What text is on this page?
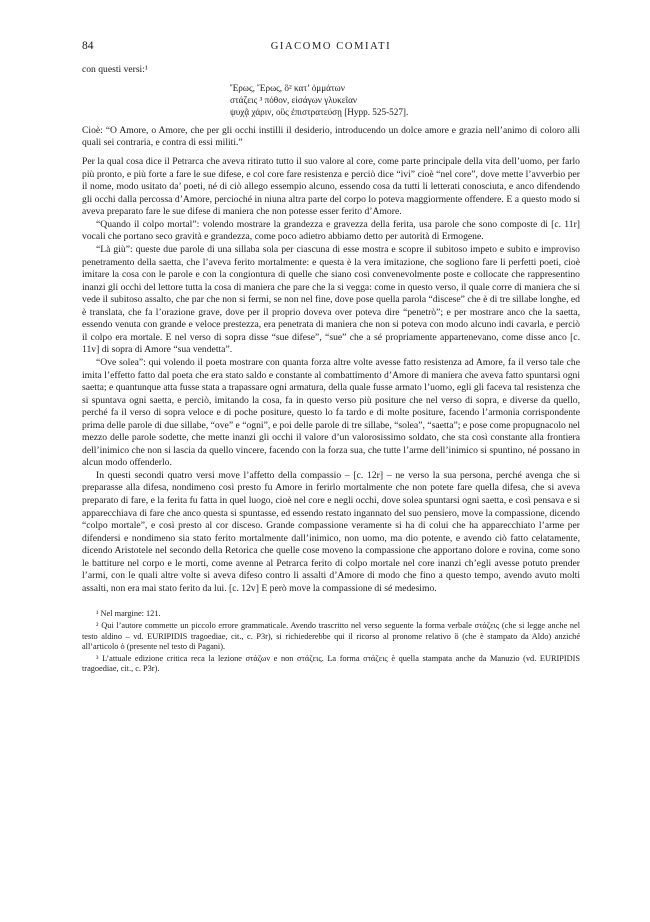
84	GIACOMO COMIATI
con questi versi:¹
Ἔρως, Ἔρως, ὃ² κατ’ ὀμμάτων
στάζεις ³ πόθον, εἰσάγων γλυκεῖαν
ψυχᾷ χάριν, οὓς ἐπιστρατεύσῃ [Hypp. 525-527].
Cioè: “O Amore, o Amore, che per gli occhi instilli il desiderio, introducendo un dolce amore e grazia nell’animo di coloro alli quali sei contraria, e contra di essi militi.”

Per la qual cosa dice il Petrarca che aveva ritirato tutto il suo valore al core, come parte principale della vita dell’uomo, per farlo più pronto, e più forte a fare le sue difese, e col core fare resistenza e perciò dice “ivi” cioè “nel core”, dove mette l’avverbio per il nome, modo usitato da’ poeti, né di ciò allego essempio alcuno, essendo cosa da tutti li letterati conosciuta, e anco difendendo gli occhi dalla percossa d’Amore, percioché in niuna altra parte del corpo lo poteva maggiormente offendere. E a questo modo si aveva preparato fare le sue difese di maniera che non potesse esser ferito d’Amore.

“Quando il colpo mortal”: volendo mostrare la grandezza e gravezza della ferita, usa parole che sono composte di [c. 11r] vocali che portano seco gravità e grandezza, come poco adietro abbiamo detto per autorità di Ermogene.

“Là giù”: queste due parole di una sillaba sola per ciascuna di esse mostra e scopre il subitoso impeto e subito e improviso penetramento della saetta, che l’aveva ferito mortalmente: e questa è la vera imitazione, che sogliono fare li perfetti poeti, cioè imitare la cosa con le parole e con la congiontura di quelle che siano così convenevolmente poste e collocate che rappresentino inanzi gli occhi del lettore tutta la cosa di maniera che pare che la si vegga: come in questo verso, il quale corre di maniera che si vede il subitoso assalto, che par che non si fermi, se non nel fine, dove pose quella parola “discese” che è di tre sillabe longhe, ed è translata, che fa l’orazione grave, dove per il proprio doveva over poteva dire “penetrò”; e per mostrare anco che la saetta, essendo venuta con grande e veloce prestezza, era penetrata di maniera che non si poteva con modo alcuno indi cavarla, e perciò il colpo era mortale. E nel verso di sopra disse “sue difese”, “sue” che a sé propriamente appartenevano, come disse anco [c. 11v] di sopra di Amore “sua vendetta”.

“Ove solea”: qui volendo il poeta mostrare con quanta forza altre volte avesse fatto resistenza ad Amore, fa il verso tale che imita l’effetto fatto dal poeta che era stato saldo e constante al combattimento d’Amore di maniera che aveva fatto spuntarsi ogni saetta; e quantunque atta fusse stata a trapassare ogni armatura, della quale fusse armato l’uomo, egli gli faceva tal resistenza che si spuntava ogni saetta, e perciò, imitando la cosa, fa in questo verso più positure che nel verso di sopra, e diverse da quello, perché fa il verso di sopra veloce e di poche positure, questo lo fa tardo e di molte positure, facendo l’armonia corrispondente prima delle parole di due sillabe, “ove” e “ogni”, e poi delle parole di tre sillabe, “solea”, “saetta”; e pose come propugnacolo nel mezzo delle parole sodette, che mette inanzi gli occhi il valore d’un valorosissimo soldato, che sta così constante alla frontiera dell’inimico che non si lascia da quello vincere, facendo con la forza sua, che tutte l’arme dell’inimico si spuntino, né possano in alcun modo offenderlo.

In questi secondi quatro versi move l’affetto della compassio – [c. 12r] – ne verso la sua persona, perché avenga che si preparasse alla difesa, nondimeno così presto fu Amore in ferirlo mortalmente che non potete fare quella difesa, che si aveva preparato di fare, e la ferita fu fatta in quel luogo, cioè nel core e negli occhi, dove solea spuntarsi ogni saetta, e così pensava e si apparecchiava di fare che anco questa si spuntasse, ed essendo restato ingannato del suo pensiero, move la compassione, dicendo “colpo mortale”, e così presto al cor disceso. Grande compassione veramente si ha di colui che ha apparecchiato l’arme per difendersi e nondimeno sia stato ferito mortalmente dall’inimico, non uomo, ma dio potente, e avendo ciò fatto celatamente, dicendo Aristotele nel secondo della Retorica che quelle cose moveno la compassione che apportano dolore e rovina, come sono le battiture nel corpo e le morti, come avenne al Petrarca ferito di colpo mortale nel core inanzi ch’egli avesse potuto prender l’armi, con le quali altre volte si aveva difeso contro li assalti d’Amore di modo che fino a questo tempo, avendo avuto molti assalti, non era mai stato ferito da lui. [c. 12v] E però move la compassione di sé medesimo.

¹ Nel margine: 121.

² Qui l’autore commette un piccolo errore grammaticale. Avendo trascritto nel verso seguente la forma verbale στάζεις (che si legge anche nel testo aldino – vd. EURIPIDIS tragoediae, cit., c. P3r), si richiederebbe qui il ricorso al pronome relativo ὃ (che è stampato da Aldo) anziché all’articolo ὁ (presente nel testo di Pagani).

³ L’attuale edizione critica reca la lezione στάζων e non στάζεις. La forma στάζεις è quella stampata anche da Manuzio (vd. EURIPIDIS tragoediae, cit., c. P3r).
